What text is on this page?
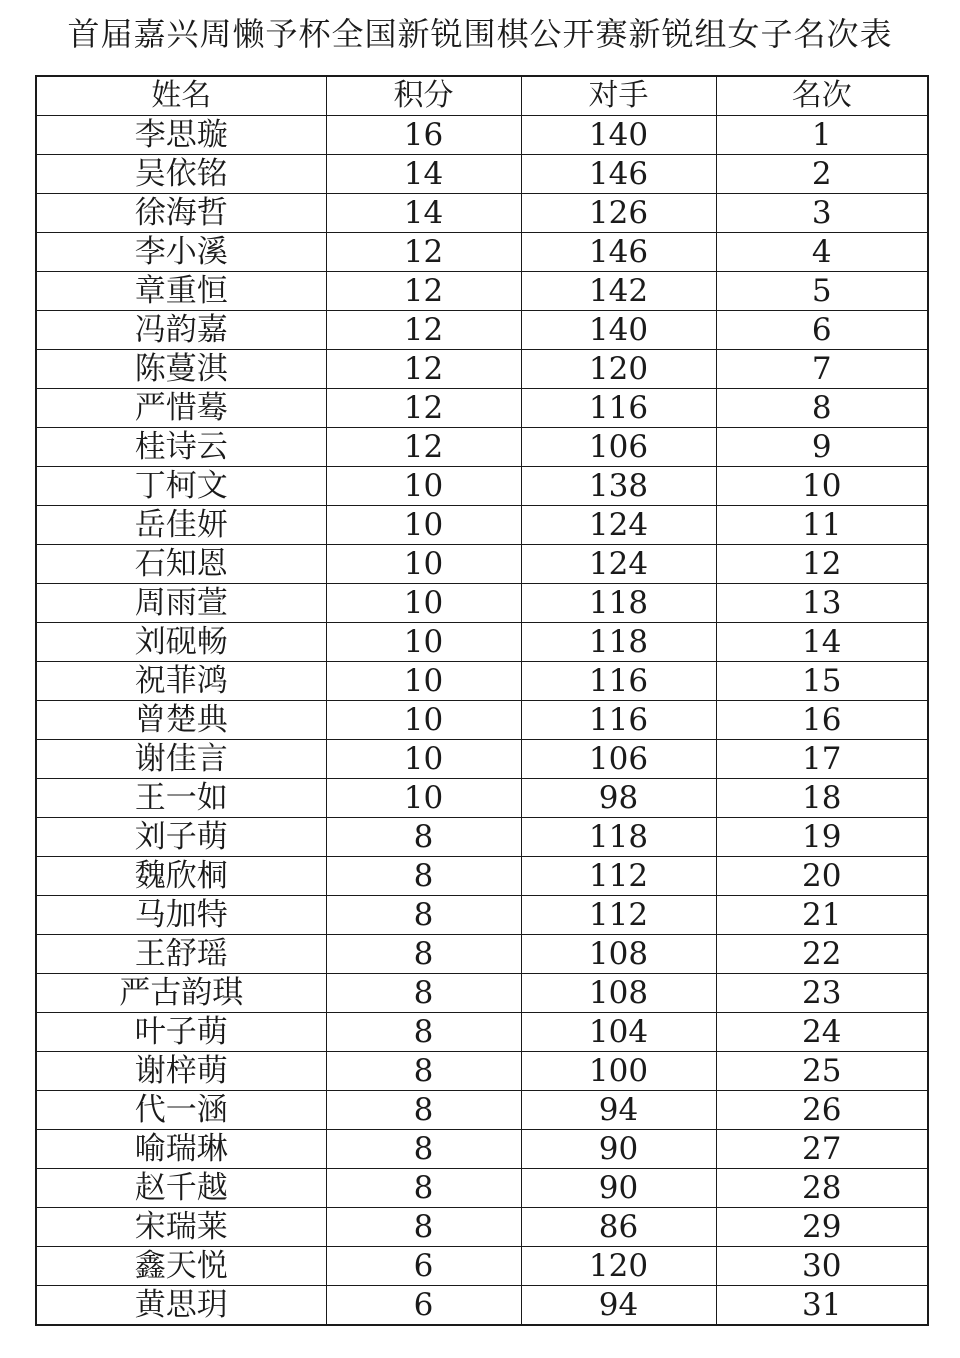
首届嘉兴周懒予杯全国新锐围棋公开赛新锐组女子名次表
姓名	积分	对手	名次
李思璇	16	140	1
吴依铭	14	146	2
徐海哲	14	126	3
李小溪	12	146	4
章重恒	12	142	5
冯韵嘉	12	140	6
陈蔓淇	12	120	7
严惜蓦	12	116	8
桂诗云	12	106	9
丁柯文	10	138	10
岳佳妍	10	124	11
石知恩	10	124	12
周雨萱	10	118	13
刘砚畅	10	118	14
祝菲鸿	10	116	15
曾楚典	10	116	16
谢佳言	10	106	17
王一如	10	98	18
刘子萌	8	118	19
魏欣桐	8	112	20
马加特	8	112	21
王舒瑶	8	108	22
严古韵琪	8	108	23
叶子萌	8	104	24
谢梓萌	8	100	25
代一涵	8	94	26
喻瑞琳	8	90	27
赵千越	8	90	28
宋瑞莱	8	86	29
鑫天悦	6	120	30
黄思玥	6	94	31
